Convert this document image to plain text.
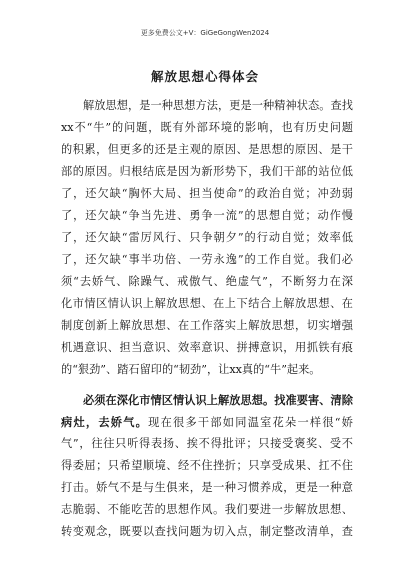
更多免费公文+V：GiGeGongWen2024
解放思想心得体会
解放思想，是一种思想方法，更是一种精神状态。查找
xx不“牛”的问题，既有外部环境的影响，也有历史问题
的积累，但更多的还是主观的原因、是思想的原因、是干
部的原因。归根结底是因为新形势下，我们干部的站位低
了，还欠缺“胸怀大局、担当使命”的政治自觉；冲劲弱
了，还欠缺“争当先进、勇争一流”的思想自觉；动作慢
了，还欠缺“雷厉风行、只争朝夕”的行动自觉；效率低
了，还欠缺“事半功倍、一劳永逸”的工作自觉。我们必
须“去娇气、除躁气、戒傲气、绝虚气”，不断努力在深
化市情区情认识上解放思想、在上下结合上解放思想、在
制度创新上解放思想、在工作落实上解放思想，切实增强
机遇意识、担当意识、效率意识、拼搏意识，用抓铁有痕
的“狠劲”、踏石留印的“韧劲”，让xx真的“牛”起来。
必须在深化市情区情认识上解放思想。找准要害、清除
病灶，去娇气。现在很多干部如同温室花朵一样很“娇
气”，往往只听得表扬、挨不得批评；只接受褒奖、受不
得委屈；只希望顺境、经不住挫折；只享受成果、扛不住
打击。娇气不是与生俱来，是一种习惯养成，更是一种意
志脆弱、不能吃苦的思想作风。我们要进一步解放思想、
转变观念，既要以查找问题为切入点，制定整改清单，查
